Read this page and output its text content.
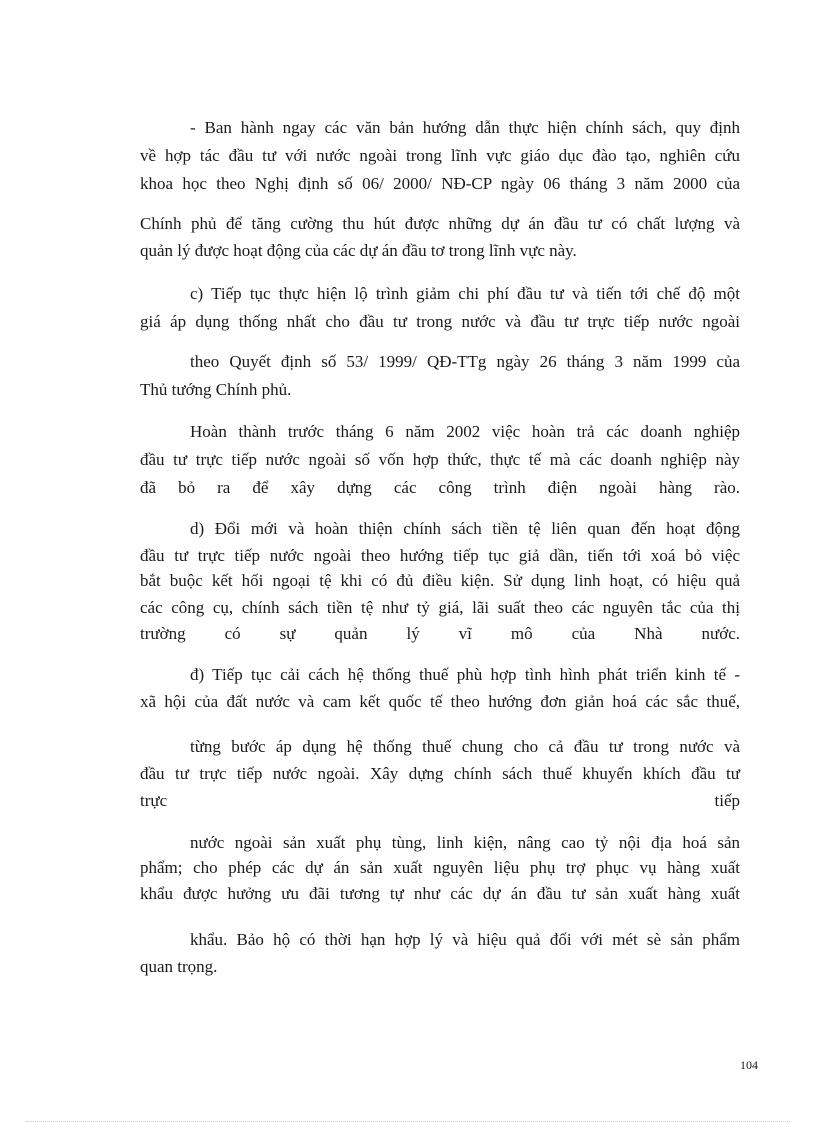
- Ban hành ngay các văn bản hướng dẫn thực hiện chính sách, quy định
về hợp tác đầu tư với nước ngoài trong lĩnh vực giáo dục đào tạo, nghiên cứu
khoa học theo Nghị định số 06/ 2000/ NĐ-CP ngày 06 tháng 3 năm 2000 của
Chính phủ để tăng cường thu hút được những dự án đầu tư có chất lượng và
quản lý được hoạt động của các dự án đầu tơ trong lĩnh vực này.
c) Tiếp tục thực hiện lộ trình giảm chi phí đầu tư và tiến tới chế độ một
giá áp dụng thống nhất cho đầu tư trong nước và đầu tư trực tiếp nước ngoài
theo Quyết định số 53/ 1999/ QĐ-TTg ngày 26 tháng 3 năm 1999 của
Thủ tướng Chính phủ.
Hoàn thành trước tháng 6 năm 2002 việc hoàn trả các doanh nghiệp
đầu tư trực tiếp nước ngoài số vốn hợp thức, thực tế mà các doanh nghiệp này
đã bỏ ra để xây dựng các công trình điện ngoài hàng rào.
d) Đổi mới và hoàn thiện chính sách tiền tệ liên quan đến hoạt động
đầu tư trực tiếp nước ngoài theo hướng tiếp tục giả dần, tiến tới xoá bỏ việc
bắt buộc kết hối ngoại tệ khi có đủ điều kiện. Sử dụng linh hoạt, có hiệu quả
các công cụ, chính sách tiền tệ như tỷ giá, lãi suất theo các nguyên tắc của thị
trường có sự quản lý vĩ mô của Nhà nước.
đ) Tiếp tục cải cách hệ thống thuế phù hợp tình hình phát triển kinh tế -
xã hội của đất nước và cam kết quốc tế theo hướng đơn giản hoá các sắc thuế,
từng bước áp dụng hệ thống thuế chung cho cả đầu tư trong nước và
đầu tư trực tiếp nước ngoài. Xây dựng chính sách thuế khuyến khích đầu tư
trực tiếp
nước ngoài sản xuất phụ tùng, linh kiện, nâng cao tỷ nội địa hoá sản
phẩm; cho phép các dự án sản xuất nguyên liệu phụ trợ phục vụ hàng xuất
khẩu được hưởng ưu đãi tương tự như các dự án đầu tư sản xuất hàng xuất
khẩu. Bảo hộ có thời hạn hợp lý và hiệu quả đối với mét sè sản phẩm
quan trọng.
104
